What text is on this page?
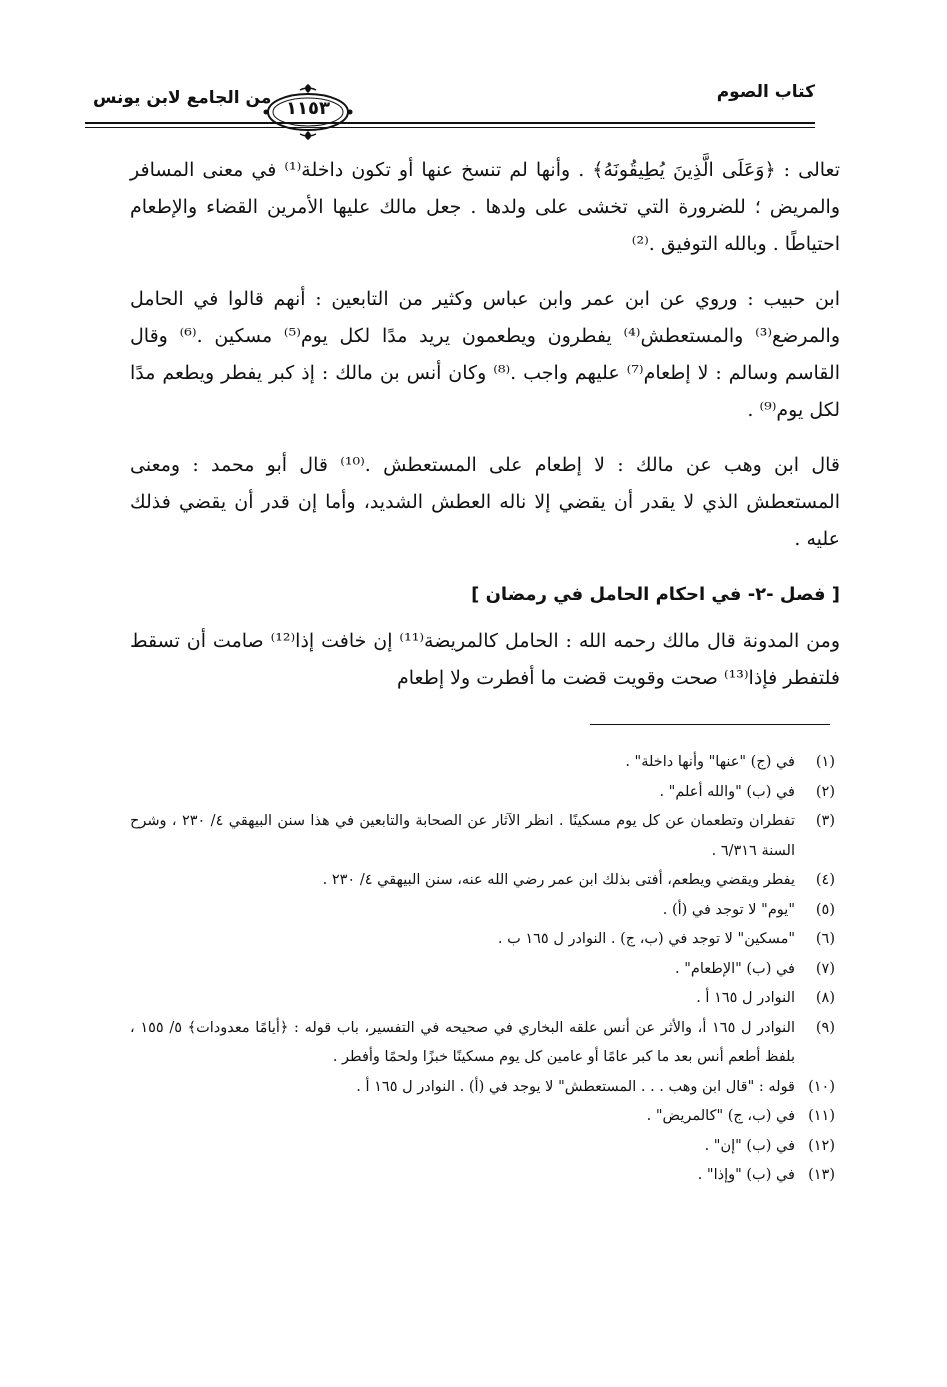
كتاب الصوم
١١٥٣
من الجامع لابن يونس

تعالى : ﴿وَعَلَى الَّذِينَ يُطِيقُونَهُ﴾ . وأنها لم تنسخ عنها أو تكون داخلة⁽¹⁾ في معنى المسافر والمريض ؛ للضرورة التي تخشى على ولدها . جعل مالك عليها الأمرين القضاء والإطعام احتياطًا . وبالله التوفيق .⁽²⁾

ابن حبيب : وروي عن ابن عمر وابن عباس وكثير من التابعين : أنهم قالوا في الحامل والمرضع⁽³⁾ والمستعطش⁽⁴⁾ يفطرون ويطعمون يريد مدًا لكل يوم⁽⁵⁾ مسكين .⁽⁶⁾ وقال القاسم وسالم : لا إطعام⁽⁷⁾ عليهم واجب .⁽⁸⁾ وكان أنس بن مالك : إذ كبر يفطر ويطعم مدًا لكل يوم⁽⁹⁾ .

قال ابن وهب عن مالك : لا إطعام على المستعطش .⁽¹⁰⁾ قال أبو محمد : ومعنى المستعطش الذي لا يقدر أن يقضي إلا ناله العطش الشديد، وأما إن قدر أن يقضي فذلك عليه .

[ فصل -٢- في احكام الحامل في رمضان ]

ومن المدونة قال مالك رحمه الله : الحامل كالمريضة⁽¹¹⁾ إن خافت إذا⁽¹²⁾ صامت أن تسقط فلتفطر فإذا⁽¹³⁾ صحت وقويت قضت ما أفطرت ولا إطعام

(١)
في (ج) "عنها" وأنها داخلة" .
(٢)
في (ب) "والله أعلم" .
(٣)
تفطران وتطعمان عن كل يوم مسكينًا . انظر الآثار عن الصحابة والتابعين في هذا سنن البيهقي ٤/ ٢٣٠ ، وشرح السنة ٦/٣١٦ .
(٤)
يفطر ويقضي ويطعم، أفتى بذلك ابن عمر رضي الله عنه، سنن البيهقي ٤/ ٢٣٠ .
(٥)
"يوم" لا توجد في (أ) .
(٦)
"مسكين" لا توجد في (ب، ج) . النوادر ل ١٦٥ ب .
(٧)
في (ب) "الإطعام" .
(٨)
النوادر ل ١٦٥ أ .
(٩)
النوادر ل ١٦٥ أ، والأثر عن أنس علقه البخاري في صحيحه في التفسير، باب قوله : ﴿أيامًا معدودات﴾ ٥/ ١٥٥ ، بلفظ أطعم أنس بعد ما كبر عامًا أو عامين كل يوم مسكينًا خبزًا ولحمًا وأفطر .
(١٠)
قوله : "قال ابن وهب . . . المستعطش" لا يوجد في (أ) . النوادر ل ١٦٥ أ .
(١١)
في (ب، ج) "كالمريض" .
(١٢)
في (ب) "إن" .
(١٣)
في (ب) "وإذا" .
